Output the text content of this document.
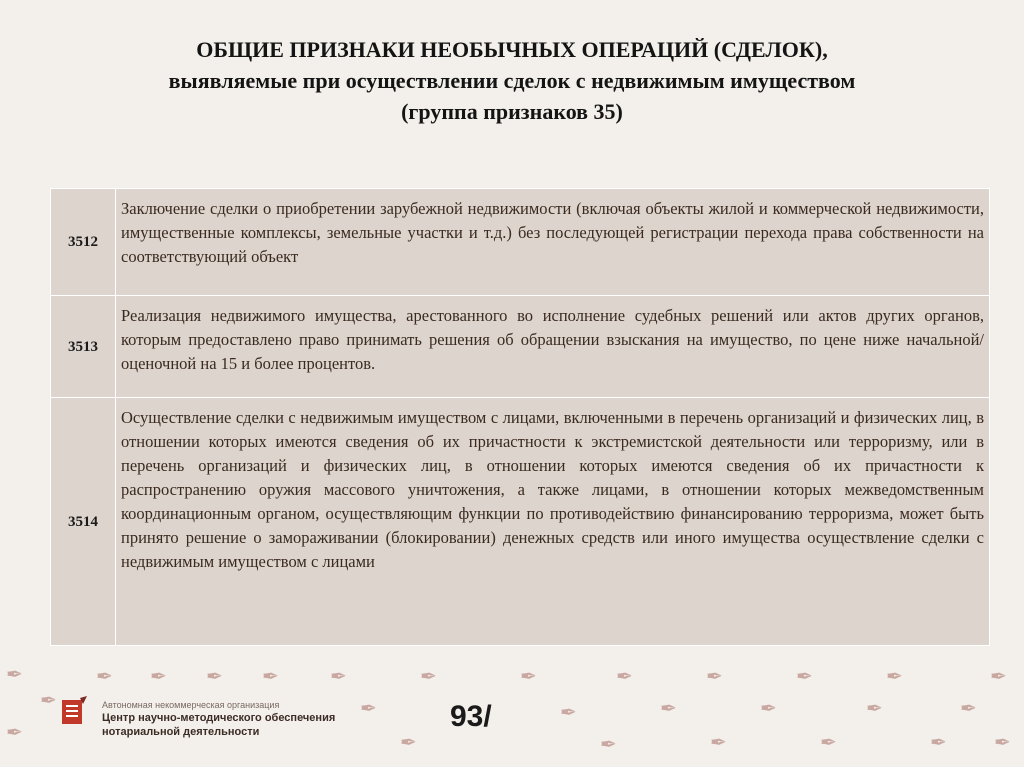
ОБЩИЕ ПРИЗНАКИ НЕОБЫЧНЫХ ОПЕРАЦИЙ (СДЕЛОК),
выявляемые при осуществлении сделок с недвижимым имуществом
(группа признаков 35)
3512	Заключение сделки о приобретении зарубежной недвижимости (включая объекты жилой и коммерческой недвижимости, имущественные комплексы, земельные участки и т.д.) без последующей регистрации перехода права собственности на соответствующий объект
3513	Реализация недвижимого имущества, арестованного во исполнение судебных решений или актов других органов, которым предоставлено право принимать решения об обращении взыскания на имущество, по цене ниже начальной/оценочной на 15 и более процентов.
3514	Осуществление сделки с недвижимым имуществом с лицами, включенными в перечень организаций и физических лиц, в отношении которых имеются сведения об их причастности к экстремистской деятельности или терроризму, или в перечень организаций и физических лиц, в отношении которых имеются сведения об их причастности к распространению оружия массового уничтожения, а также лицами, в отношении которых межведомственным координационным органом, осуществляющим функции по противодействию финансированию терроризма, может быть принято решение о замораживании (блокировании) денежных средств или иного имущества осуществление сделки с недвижимым имуществом с лицами
✒
✒
✒
✒ ✒ ✒ ✒	✒
✒
✒
✒	✒
✒
✒
✒
✒
✒
✒
✒
✒
✒
✒
✒
✒
✒
✒
✒
Автономная некоммерческая организация
Центр научно-методического обеспечения
нотариальной деятельности	93/
